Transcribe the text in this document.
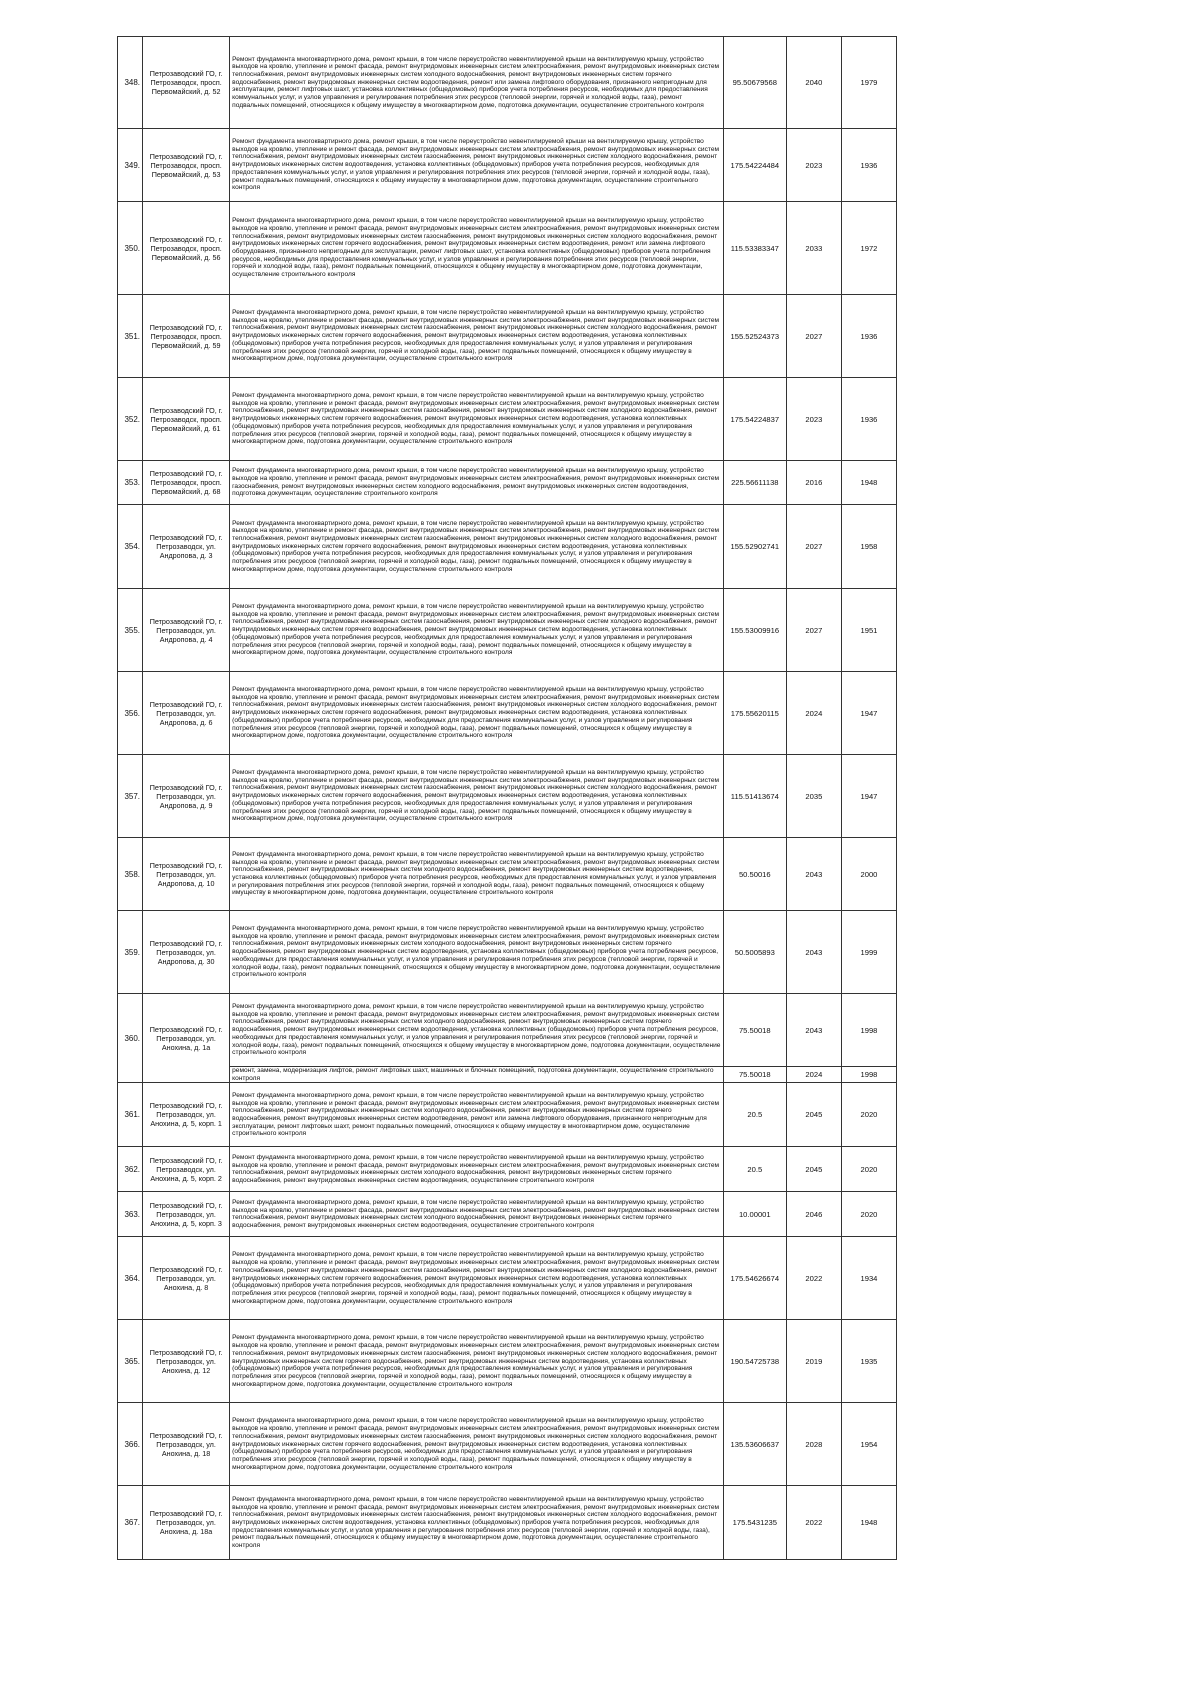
348.	Петрозаводский ГО, г. Петрозаводск, просп. Первомайский, д. 52	Ремонт фундамента многоквартирного дома, ремонт крыши, в том числе переустройство невентилируемой крыши на вентилируемую крышу, устройство выходов на кровлю, утепление и ремонт фасада, ремонт внутридомовых инженерных систем электроснабжения, ремонт внутридомовых инженерных систем теплоснабжения, ремонт внутридомовых инженерных систем холодного водоснабжения, ремонт внутридомовых инженерных систем горячего водоснабжения, ремонт внутридомовых инженерных систем водоотведения, ремонт или замена лифтового оборудования, признанного непригодным для эксплуатации, ремонт лифтовых шахт, установка коллективных (общедомовых) приборов учета потребления ресурсов, необходимых для предоставления коммунальных услуг, и узлов управления и регулирования потребления этих ресурсов (тепловой энергии, горячей и холодной воды, газа), ремонт подвальных помещений, относящихся к общему имуществу в многоквартирном доме, подготовка документации, осуществление строительного контроля	95.50679568	2040	1979
349.	Петрозаводский ГО, г. Петрозаводск, просп. Первомайский, д. 53	Ремонт фундамента многоквартирного дома, ремонт крыши, в том числе переустройство невентилируемой крыши на вентилируемую крышу, устройство выходов на кровлю, утепление и ремонт фасада, ремонт внутридомовых инженерных систем электроснабжения, ремонт внутридомовых инженерных систем теплоснабжения, ремонт внутридомовых инженерных систем газоснабжения, ремонт внутридомовых инженерных систем холодного водоснабжения, ремонт внутридомовых инженерных систем водоотведения, установка коллективных (общедомовых) приборов учета потребления ресурсов, необходимых для предоставления коммунальных услуг, и узлов управления и регулирования потребления этих ресурсов (тепловой энергии, горячей и холодной воды, газа), ремонт подвальных помещений, относящихся к общему имуществу в многоквартирном доме, подготовка документации, осуществление строительного контроля	175.54224484	2023	1936
350.	Петрозаводский ГО, г. Петрозаводск, просп. Первомайский, д. 56	Ремонт фундамента многоквартирного дома, ремонт крыши, в том числе переустройство невентилируемой крыши на вентилируемую крышу, устройство выходов на кровлю, утепление и ремонт фасада, ремонт внутридомовых инженерных систем электроснабжения, ремонт внутридомовых инженерных систем теплоснабжения, ремонт внутридомовых инженерных систем газоснабжения, ремонт внутридомовых инженерных систем холодного водоснабжения, ремонт внутридомовых инженерных систем горячего водоснабжения, ремонт внутридомовых инженерных систем водоотведения, ремонт или замена лифтового оборудования, признанного непригодным для эксплуатации, ремонт лифтовых шахт, установка коллективных (общедомовых) приборов учета потребления ресурсов, необходимых для предоставления коммунальных услуг, и узлов управления и регулирования потребления этих ресурсов (тепловой энергии, горячей и холодной воды, газа), ремонт подвальных помещений, относящихся к общему имуществу в многоквартирном доме, подготовка документации, осуществление строительного контроля	115.53383347	2033	1972
351.	Петрозаводский ГО, г. Петрозаводск, просп. Первомайский, д. 59	Ремонт фундамента многоквартирного дома, ремонт крыши, в том числе переустройство невентилируемой крыши на вентилируемую крышу, устройство выходов на кровлю, утепление и ремонт фасада, ремонт внутридомовых инженерных систем электроснабжения, ремонт внутридомовых инженерных систем теплоснабжения, ремонт внутридомовых инженерных систем газоснабжения, ремонт внутридомовых инженерных систем холодного водоснабжения, ремонт внутридомовых инженерных систем горячего водоснабжения, ремонт внутридомовых инженерных систем водоотведения, установка коллективных (общедомовых) приборов учета потребления ресурсов, необходимых для предоставления коммунальных услуг, и узлов управления и регулирования потребления этих ресурсов (тепловой энергии, горячей и холодной воды, газа), ремонт подвальных помещений, относящихся к общему имуществу в многоквартирном доме, подготовка документации, осуществление строительного контроля	155.52524373	2027	1936
352.	Петрозаводский ГО, г. Петрозаводск, просп. Первомайский, д. 61	Ремонт фундамента многоквартирного дома, ремонт крыши, в том числе переустройство невентилируемой крыши на вентилируемую крышу, устройство выходов на кровлю, утепление и ремонт фасада, ремонт внутридомовых инженерных систем электроснабжения, ремонт внутридомовых инженерных систем теплоснабжения, ремонт внутридомовых инженерных систем газоснабжения, ремонт внутридомовых инженерных систем холодного водоснабжения, ремонт внутридомовых инженерных систем горячего водоснабжения, ремонт внутридомовых инженерных систем водоотведения, установка коллективных (общедомовых) приборов учета потребления ресурсов, необходимых для предоставления коммунальных услуг, и узлов управления и регулирования потребления этих ресурсов (тепловой энергии, горячей и холодной воды, газа), ремонт подвальных помещений, относящихся к общему имуществу в многоквартирном доме, подготовка документации, осуществление строительного контроля	175.54224837	2023	1936
353.	Петрозаводский ГО, г. Петрозаводск, просп. Первомайский, д. 68	Ремонт фундамента многоквартирного дома, ремонт крыши, в том числе переустройство невентилируемой крыши на вентилируемую крышу, устройство выходов на кровлю, утепление и ремонт фасада, ремонт внутридомовых инженерных систем электроснабжения, ремонт внутридомовых инженерных систем газоснабжения, ремонт внутридомовых инженерных систем холодного водоснабжения, ремонт внутридомовых инженерных систем водоотведения, подготовка документации, осуществление строительного контроля	225.56611138	2016	1948
354.	Петрозаводский ГО, г. Петрозаводск, ул. Андропова, д. 3	Ремонт фундамента многоквартирного дома, ремонт крыши, в том числе переустройство невентилируемой крыши на вентилируемую крышу, устройство выходов на кровлю, утепление и ремонт фасада, ремонт внутридомовых инженерных систем электроснабжения, ремонт внутридомовых инженерных систем теплоснабжения, ремонт внутридомовых инженерных систем газоснабжения, ремонт внутридомовых инженерных систем холодного водоснабжения, ремонт внутридомовых инженерных систем горячего водоснабжения, ремонт внутридомовых инженерных систем водоотведения, установка коллективных (общедомовых) приборов учета потребления ресурсов, необходимых для предоставления коммунальных услуг, и узлов управления и регулирования потребления этих ресурсов (тепловой энергии, горячей и холодной воды, газа), ремонт подвальных помещений, относящихся к общему имуществу в многоквартирном доме, подготовка документации, осуществление строительного контроля	155.52902741	2027	1958
355.	Петрозаводский ГО, г. Петрозаводск, ул. Андропова, д. 4	Ремонт фундамента многоквартирного дома, ремонт крыши, в том числе переустройство невентилируемой крыши на вентилируемую крышу, устройство выходов на кровлю, утепление и ремонт фасада, ремонт внутридомовых инженерных систем электроснабжения, ремонт внутридомовых инженерных систем теплоснабжения, ремонт внутридомовых инженерных систем газоснабжения, ремонт внутридомовых инженерных систем холодного водоснабжения, ремонт внутридомовых инженерных систем горячего водоснабжения, ремонт внутридомовых инженерных систем водоотведения, установка коллективных (общедомовых) приборов учета потребления ресурсов, необходимых для предоставления коммунальных услуг, и узлов управления и регулирования потребления этих ресурсов (тепловой энергии, горячей и холодной воды, газа), ремонт подвальных помещений, относящихся к общему имуществу в многоквартирном доме, подготовка документации, осуществление строительного контроля	155.53009916	2027	1951
356.	Петрозаводский ГО, г. Петрозаводск, ул. Андропова, д. 6	Ремонт фундамента многоквартирного дома, ремонт крыши, в том числе переустройство невентилируемой крыши на вентилируемую крышу, устройство выходов на кровлю, утепление и ремонт фасада, ремонт внутридомовых инженерных систем электроснабжения, ремонт внутридомовых инженерных систем теплоснабжения, ремонт внутридомовых инженерных систем газоснабжения, ремонт внутридомовых инженерных систем холодного водоснабжения, ремонт внутридомовых инженерных систем горячего водоснабжения, ремонт внутридомовых инженерных систем водоотведения, установка коллективных (общедомовых) приборов учета потребления ресурсов, необходимых для предоставления коммунальных услуг, и узлов управления и регулирования потребления этих ресурсов (тепловой энергии, горячей и холодной воды, газа), ремонт подвальных помещений, относящихся к общему имуществу в многоквартирном доме, подготовка документации, осуществление строительного контроля	175.55620115	2024	1947
357.	Петрозаводский ГО, г. Петрозаводск, ул. Андропова, д. 9	Ремонт фундамента многоквартирного дома, ремонт крыши, в том числе переустройство невентилируемой крыши на вентилируемую крышу, устройство выходов на кровлю, утепление и ремонт фасада, ремонт внутридомовых инженерных систем электроснабжения, ремонт внутридомовых инженерных систем теплоснабжения, ремонт внутридомовых инженерных систем газоснабжения, ремонт внутридомовых инженерных систем холодного водоснабжения, ремонт внутридомовых инженерных систем горячего водоснабжения, ремонт внутридомовых инженерных систем водоотведения, установка коллективных (общедомовых) приборов учета потребления ресурсов, необходимых для предоставления коммунальных услуг, и узлов управления и регулирования потребления этих ресурсов (тепловой энергии, горячей и холодной воды, газа), ремонт подвальных помещений, относящихся к общему имуществу в многоквартирном доме, подготовка документации, осуществление строительного контроля	115.51413674	2035	1947
358.	Петрозаводский ГО, г. Петрозаводск, ул. Андропова, д. 10	Ремонт фундамента многоквартирного дома, ремонт крыши, в том числе переустройство невентилируемой крыши на вентилируемую крышу, устройство выходов на кровлю, утепление и ремонт фасада, ремонт внутридомовых инженерных систем электроснабжения, ремонт внутридомовых инженерных систем теплоснабжения, ремонт внутридомовых инженерных систем холодного водоснабжения, ремонт внутридомовых инженерных систем водоотведения, установка коллективных (общедомовых) приборов учета потребления ресурсов, необходимых для предоставления коммунальных услуг, и узлов управления и регулирования потребления этих ресурсов (тепловой энергии, горячей и холодной воды, газа), ремонт подвальных помещений, относящихся к общему имуществу в многоквартирном доме, подготовка документации, осуществление строительного контроля	50.50016	2043	2000
359.	Петрозаводский ГО, г. Петрозаводск, ул. Андропова, д. 30	Ремонт фундамента многоквартирного дома, ремонт крыши, в том числе переустройство невентилируемой крыши на вентилируемую крышу, устройство выходов на кровлю, утепление и ремонт фасада, ремонт внутридомовых инженерных систем электроснабжения, ремонт внутридомовых инженерных систем теплоснабжения, ремонт внутридомовых инженерных систем холодного водоснабжения, ремонт внутридомовых инженерных систем горячего водоснабжения, ремонт внутридомовых инженерных систем водоотведения, установка коллективных (общедомовых) приборов учета потребления ресурсов, необходимых для предоставления коммунальных услуг, и узлов управления и регулирования потребления этих ресурсов (тепловой энергии, горячей и холодной воды, газа), ремонт подвальных помещений, относящихся к общему имуществу в многоквартирном доме, подготовка документации, осуществление строительного контроля	50.5005893	2043	1999
360.	Петрозаводский ГО, г. Петрозаводск, ул. Анохина, д. 1а	Ремонт фундамента многоквартирного дома, ремонт крыши, в том числе переустройство невентилируемой крыши на вентилируемую крышу, устройство выходов на кровлю, утепление и ремонт фасада, ремонт внутридомовых инженерных систем электроснабжения, ремонт внутридомовых инженерных систем теплоснабжения, ремонт внутридомовых инженерных систем холодного водоснабжения, ремонт внутридомовых инженерных систем горячего водоснабжения, ремонт внутридомовых инженерных систем водоотведения, установка коллективных (общедомовых) приборов учета потребления ресурсов, необходимых для предоставления коммунальных услуг, и узлов управления и регулирования потребления этих ресурсов (тепловой энергии, горячей и холодной воды, газа), ремонт подвальных помещений, относящихся к общему имуществу в многоквартирном доме, подготовка документации, осуществление строительного контроля	75.50018	2043	1998
		ремонт, замена, модернизация лифтов, ремонт лифтовых шахт, машинных и блочных помещений, подготовка документации, осуществление строительного контроля	75.50018	2024	1998
361.	Петрозаводский ГО, г. Петрозаводск, ул. Анохина, д. 5, корп. 1	Ремонт фундамента многоквартирного дома, ремонт крыши, в том числе переустройство невентилируемой крыши на вентилируемую крышу, устройство выходов на кровлю, утепление и ремонт фасада, ремонт внутридомовых инженерных систем электроснабжения, ремонт внутридомовых инженерных систем теплоснабжения, ремонт внутридомовых инженерных систем холодного водоснабжения, ремонт внутридомовых инженерных систем горячего водоснабжения, ремонт внутридомовых инженерных систем водоотведения, ремонт или замена лифтового оборудования, признанного непригодным для эксплуатации, ремонт лифтовых шахт, ремонт подвальных помещений, относящихся к общему имуществу в многоквартирном доме, осуществление строительного контроля	20.5	2045	2020
362.	Петрозаводский ГО, г. Петрозаводск, ул. Анохина, д. 5, корп. 2	Ремонт фундамента многоквартирного дома, ремонт крыши, в том числе переустройство невентилируемой крыши на вентилируемую крышу, устройство выходов на кровлю, утепление и ремонт фасада, ремонт внутридомовых инженерных систем электроснабжения, ремонт внутридомовых инженерных систем теплоснабжения, ремонт внутридомовых инженерных систем холодного водоснабжения, ремонт внутридомовых инженерных систем горячего водоснабжения, ремонт внутридомовых инженерных систем водоотведения, осуществление строительного контроля	20.5	2045	2020
363.	Петрозаводский ГО, г. Петрозаводск, ул. Анохина, д. 5, корп. 3	Ремонт фундамента многоквартирного дома, ремонт крыши, в том числе переустройство невентилируемой крыши на вентилируемую крышу, устройство выходов на кровлю, утепление и ремонт фасада, ремонт внутридомовых инженерных систем электроснабжения, ремонт внутридомовых инженерных систем теплоснабжения, ремонт внутридомовых инженерных систем холодного водоснабжения, ремонт внутридомовых инженерных систем горячего водоснабжения, ремонт внутридомовых инженерных систем водоотведения, осуществление строительного контроля	10.00001	2046	2020
364.	Петрозаводский ГО, г. Петрозаводск, ул. Анохина, д. 8	Ремонт фундамента многоквартирного дома, ремонт крыши, в том числе переустройство невентилируемой крыши на вентилируемую крышу, устройство выходов на кровлю, утепление и ремонт фасада, ремонт внутридомовых инженерных систем электроснабжения, ремонт внутридомовых инженерных систем теплоснабжения, ремонт внутридомовых инженерных систем газоснабжения, ремонт внутридомовых инженерных систем холодного водоснабжения, ремонт внутридомовых инженерных систем горячего водоснабжения, ремонт внутридомовых инженерных систем водоотведения, установка коллективных (общедомовых) приборов учета потребления ресурсов, необходимых для предоставления коммунальных услуг, и узлов управления и регулирования потребления этих ресурсов (тепловой энергии, горячей и холодной воды, газа), ремонт подвальных помещений, относящихся к общему имуществу в многоквартирном доме, подготовка документации, осуществление строительного контроля	175.54626674	2022	1934
365.	Петрозаводский ГО, г. Петрозаводск, ул. Анохина, д. 12	Ремонт фундамента многоквартирного дома, ремонт крыши, в том числе переустройство невентилируемой крыши на вентилируемую крышу, устройство выходов на кровлю, утепление и ремонт фасада, ремонт внутридомовых инженерных систем электроснабжения, ремонт внутридомовых инженерных систем теплоснабжения, ремонт внутридомовых инженерных систем газоснабжения, ремонт внутридомовых инженерных систем холодного водоснабжения, ремонт внутридомовых инженерных систем горячего водоснабжения, ремонт внутридомовых инженерных систем водоотведения, установка коллективных (общедомовых) приборов учета потребления ресурсов, необходимых для предоставления коммунальных услуг, и узлов управления и регулирования потребления этих ресурсов (тепловой энергии, горячей и холодной воды, газа), ремонт подвальных помещений, относящихся к общему имуществу в многоквартирном доме, подготовка документации, осуществление строительного контроля	190.54725738	2019	1935
366.	Петрозаводский ГО, г. Петрозаводск, ул. Анохина, д. 18	Ремонт фундамента многоквартирного дома, ремонт крыши, в том числе переустройство невентилируемой крыши на вентилируемую крышу, устройство выходов на кровлю, утепление и ремонт фасада, ремонт внутридомовых инженерных систем электроснабжения, ремонт внутридомовых инженерных систем теплоснабжения, ремонт внутридомовых инженерных систем газоснабжения, ремонт внутридомовых инженерных систем холодного водоснабжения, ремонт внутридомовых инженерных систем горячего водоснабжения, ремонт внутридомовых инженерных систем водоотведения, установка коллективных (общедомовых) приборов учета потребления ресурсов, необходимых для предоставления коммунальных услуг, и узлов управления и регулирования потребления этих ресурсов (тепловой энергии, горячей и холодной воды, газа), ремонт подвальных помещений, относящихся к общему имуществу в многоквартирном доме, подготовка документации, осуществление строительного контроля	135.53606637	2028	1954
367.	Петрозаводский ГО, г. Петрозаводск, ул. Анохина, д. 18а	Ремонт фундамента многоквартирного дома, ремонт крыши, в том числе переустройство невентилируемой крыши на вентилируемую крышу, устройство выходов на кровлю, утепление и ремонт фасада, ремонт внутридомовых инженерных систем электроснабжения, ремонт внутридомовых инженерных систем теплоснабжения, ремонт внутридомовых инженерных систем газоснабжения, ремонт внутридомовых инженерных систем холодного водоснабжения, ремонт внутридомовых инженерных систем водоотведения, установка коллективных (общедомовых) приборов учета потребления ресурсов, необходимых для предоставления коммунальных услуг, и узлов управления и регулирования потребления этих ресурсов (тепловой энергии, горячей и холодной воды, газа), ремонт подвальных помещений, относящихся к общему имуществу в многоквартирном доме, подготовка документации, осуществление строительного контроля	175.5431235	2022	1948
